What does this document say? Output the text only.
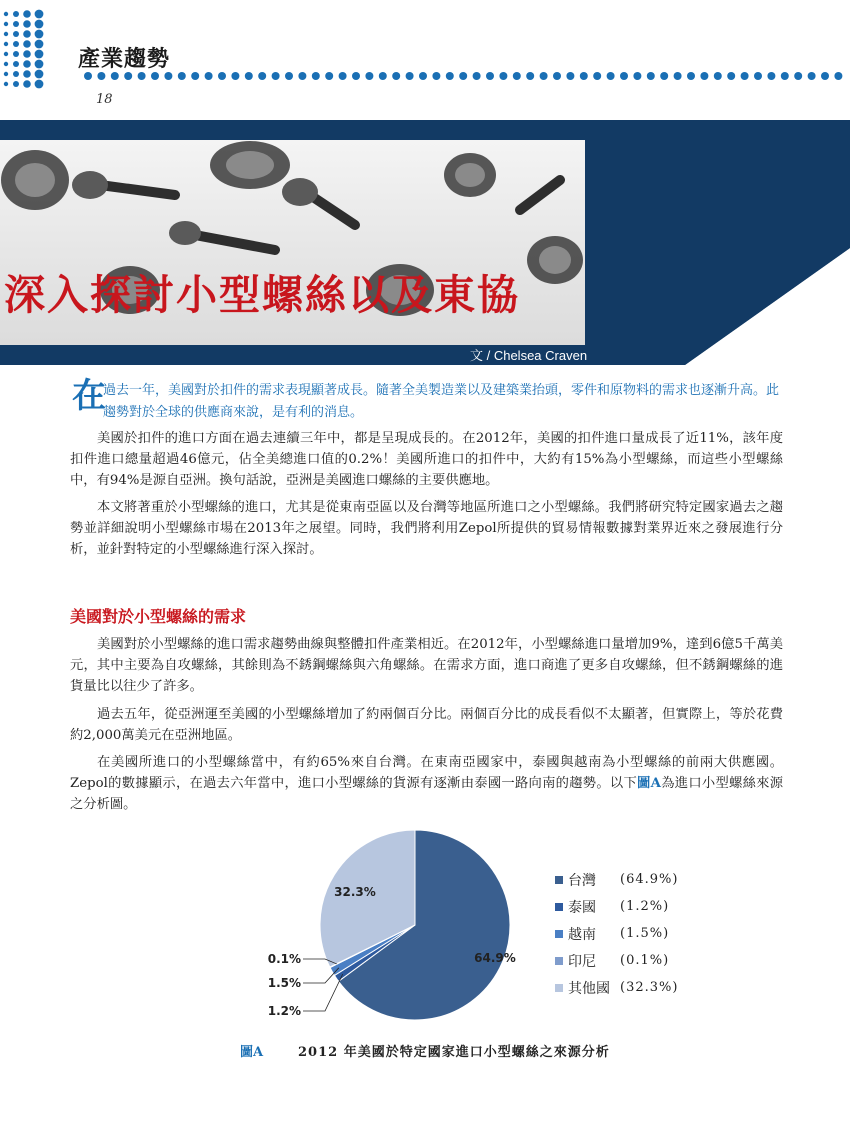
產業趨勢
18
深入探討小型螺絲以及東協
文 / Chelsea Craven
在
過去一年，美國對於扣件的需求表現顯著成長。隨著全美製造業以及建築業抬頭，零件和原物料的需求也逐漸升高。此趨勢對於全球的供應商來說，是有利的消息。

美國於扣件的進口方面在過去連續三年中，都是呈現成長的。在2012年，美國的扣件進口量成長了近11%，該年度扣件進口總量超過46億元，佔全美總進口值的0.2%！美國所進口的扣件中，大約有15%為小型螺絲，而這些小型螺絲中，有94%是源自亞洲。換句話說，亞洲是美國進口螺絲的主要供應地。

本文將著重於小型螺絲的進口，尤其是從東南亞區以及台灣等地區所進口之小型螺絲。我們將研究特定國家過去之趨勢並詳細說明小型螺絲市場在2013年之展望。同時，我們將利用Zepol所提供的貿易情報數據對業界近來之發展進行分析，並針對特定的小型螺絲進行深入探討。

美國對於小型螺絲的需求

美國對於小型螺絲的進口需求趨勢曲線與整體扣件產業相近。在2012年，小型螺絲進口量增加9%，達到6億5千萬美元，其中主要為自攻螺絲，其餘則為不銹鋼螺絲與六角螺絲。在需求方面，進口商進了更多自攻螺絲，但不銹鋼螺絲的進貨量比以往少了許多。

過去五年，從亞洲運至美國的小型螺絲增加了約兩個百分比。兩個百分比的成長看似不太顯著，但實際上，等於花費約2,000萬美元在亞洲地區。

在美國所進口的小型螺絲當中，有約65%來自台灣。在東南亞國家中，泰國與越南為小型螺絲的前兩大供應國。Zepol的數據顯示，在過去六年當中，進口小型螺絲的貨源有逐漸由泰國一路向南的趨勢。以下圖A為進口小型螺絲來源之分析圖。

64.9%
32.3%
0.1%
1.5%
1.2%
台灣	(64.9%)
泰國	(1.2%)
越南	(1.5%)
印尼	(0.1%)
其他國 (32.3%)
圖A	2012 年美國於特定國家進口小型螺絲之來源分析
